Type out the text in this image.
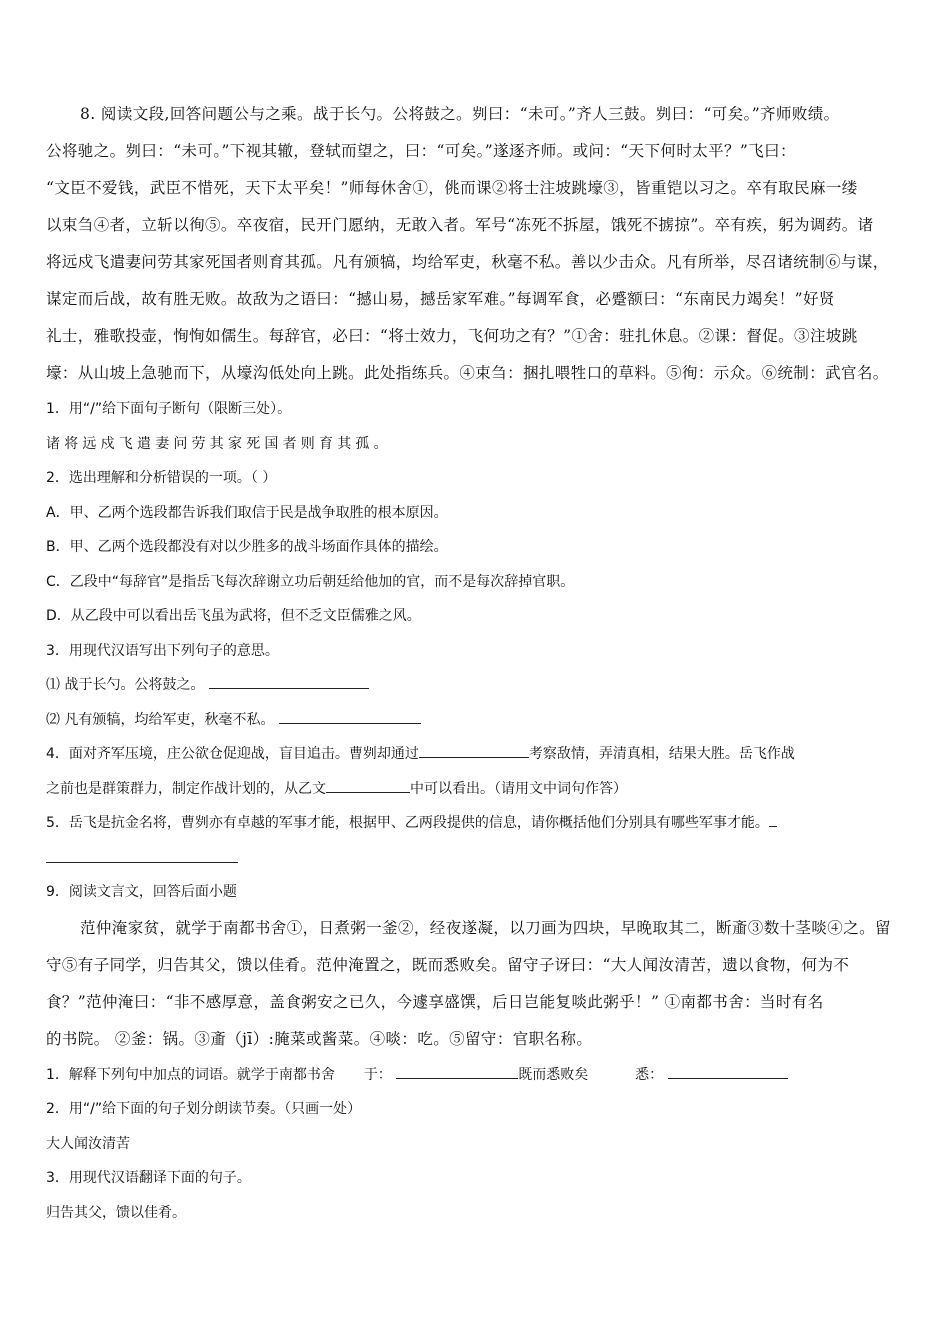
8. 阅读文段,回答问题公与之乘。战于长勺。公将鼓之。刿曰：“未可。”齐人三鼓。刿曰：“可矣。”齐师败绩。
公将驰之。刿曰：“未可。”下视其辙，登轼而望之，曰：“可矣。”遂逐齐师。或问：“天下何时太平？”飞曰：
“文臣不爱钱，武臣不惜死，天下太平矣！”师每休舍①，佻而课②将士注坡跳壕③，皆重铠以习之。卒有取民麻一缕
以束刍④者，立斩以徇⑤。卒夜宿，民开门愿纳，无敢入者。军号“冻死不拆屋，饿死不掳掠”。卒有疾，躬为调药。诸
将远戍飞遣妻问劳其家死国者则育其孤。凡有颁犒，均给军吏，秋毫不私。善以少击众。凡有所举，尽召诸统制⑥与谋，
谋定而后战，故有胜无败。故敌为之语曰：“撼山易，撼岳家军难。”每调军食，必蹙额曰：“东南民力竭矣！”好贤
礼士，雅歌投壶，恂恂如儒生。每辞官，必曰：“将士效力，飞何功之有？”①舍：驻扎休息。②课：督促。③注坡跳
壕：从山坡上急驰而下，从壕沟低处向上跳。此处指练兵。④束刍：捆扎喂牲口的草料。⑤徇：示众。⑥统制：武官名。
1．用“/”给下面句子断句（限断三处）。
诸将远戍飞遣妻问劳其家死国者则育其孤。
2．选出理解和分析错误的一项。（ ）
A．甲、乙两个选段都告诉我们取信于民是战争取胜的根本原因。
B．甲、乙两个选段都没有对以少胜多的战斗场面作具体的描绘。
C．乙段中“每辞官”是指岳飞每次辞谢立功后朝廷给他加的官，而不是每次辞掉官职。
D．从乙段中可以看出岳飞虽为武将，但不乏文臣儒雅之风。
3．用现代汉语写出下列句子的意思。
⑴ 战于长勺。公将鼓之。
⑵ 凡有颁犒，均给军吏，秋毫不私。
4．面对齐军压境，庄公欲仓促迎战，盲目追击。曹刿却通过	考察敌情，弄清真相，结果大胜。岳飞作战
之前也是群策群力，制定作战计划的，从乙文	中可以看出。（请用文中词句作答）
5．岳飞是抗金名将，曹刿亦有卓越的军事才能，根据甲、乙两段提供的信息，请你概括他们分别具有哪些军事才能。
9．阅读文言文，回答后面小题
范仲淹家贫，就学于南都书舍①，日煮粥一釜②，经夜遂凝，以刀画为四块，早晚取其二，断齑③数十茎啖④之。留
守⑤有子同学，归告其父，馈以佳肴。范仲淹置之，既而悉败矣。留守子讶曰：“大人闻汝清苦，遗以食物，何为不
食？”范仲淹曰：“非不感厚意，盖食粥安之已久，今遽享盛馔，后日岂能复啖此粥乎！” ①南都书舍：当时有名
的书院。 ②釜：锅。③齑（jī）:腌菜或酱菜。④啖：吃。⑤留守：官职名称。
1．解释下列句中加点的词语。就学于南都书舍 于：	既而悉败矣	悉：
2．用“/”给下面的句子划分朗读节奏。（只画一处）
大人闻汝清苦
3．用现代汉语翻译下面的句子。
归告其父，馈以佳肴。
